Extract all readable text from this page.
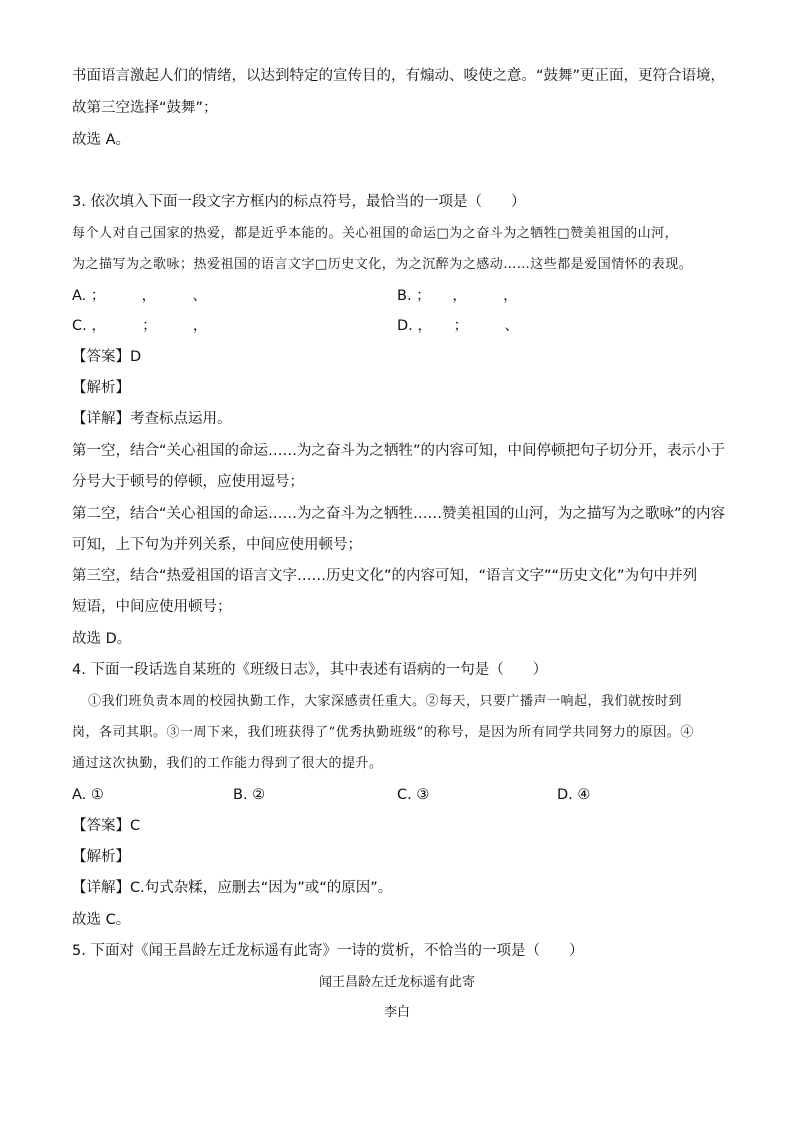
书面语言激起人们的情绪，以达到特定的宣传目的，有煽动、唆使之意。“鼓舞”更正面，更符合语境，
故第三空选择“鼓舞”；
故选 A。
3. 依次填入下面一段文字方框内的标点符号，最恰当的一项是（　　）
每个人对自己国家的热爱，都是近乎本能的。关心祖国的命运□为之奋斗为之牺牲□赞美祖国的山河，
为之描写为之歌咏；热爱祖国的语言文字□历史文化，为之沉醉为之感动……这些都是爱国情怀的表现。
A. ；　　　，　　　、	B. ；　　，　　　，
C. ，　　　；　　　，	D. ，　　；　　　、
【答案】D
【解析】
【详解】考查标点运用。
第一空，结合“关心祖国的命运……为之奋斗为之牺牲”的内容可知，中间停顿把句子切分开，表示小于
分号大于顿号的停顿，应使用逗号；
第二空，结合“关心祖国的命运……为之奋斗为之牺牲……赞美祖国的山河，为之描写为之歌咏”的内容
可知，上下句为并列关系，中间应使用顿号；
第三空，结合“热爱祖国的语言文字……历史文化”的内容可知，“语言文字”“历史文化”为句中并列
短语，中间应使用顿号；
故选 D。
4. 下面一段话选自某班的《班级日志》，其中表述有语病的一句是（　　）
①我们班负责本周的校园执勤工作，大家深感责任重大。②每天，只要广播声一响起，我们就按时到
岗，各司其职。③一周下来，我们班获得了“优秀执勤班级”的称号，是因为所有同学共同努力的原因。④
通过这次执勤，我们的工作能力得到了很大的提升。
A. ①	B. ②	C. ③	D. ④
【答案】C
【解析】
【详解】C.句式杂糅，应删去“因为”或“的原因”。
故选 C。
5. 下面对《闻王昌龄左迁龙标遥有此寄》一诗的赏析，不恰当的一项是（　　）
闻王昌龄左迁龙标遥有此寄
李白
